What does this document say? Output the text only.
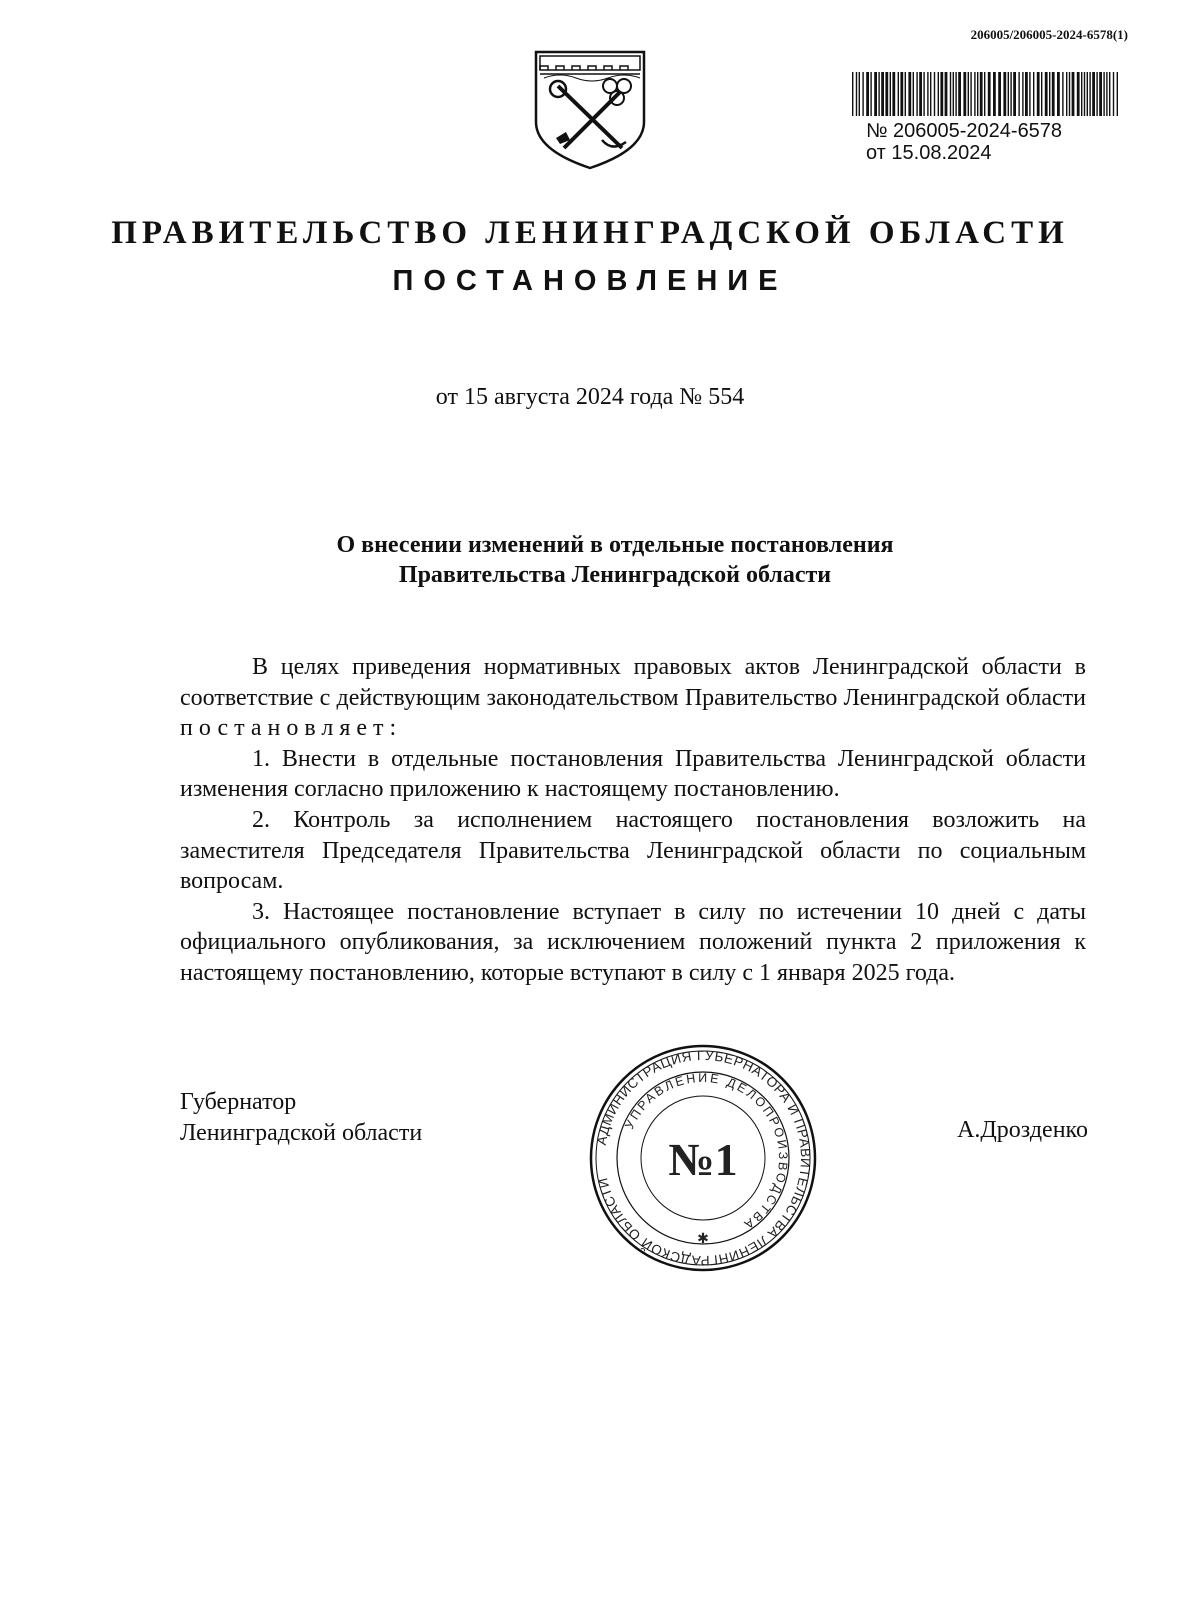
206005/206005-2024-6578(1)
№ 206005-2024-6578
от 15.08.2024
ПРАВИТЕЛЬСТВО ЛЕНИНГРАДСКОЙ ОБЛАСТИ
ПОСТАНОВЛЕНИЕ
от 15 августа 2024 года № 554
О внесении изменений в отдельные постановления
Правительства Ленинградской области

В целях приведения нормативных правовых актов Ленинградской области в соответствие с действующим законодательством Правительство Ленинградской области постановляет:

1. Внести в отдельные постановления Правительства Ленинградской области изменения согласно приложению к настоящему постановлению.

2. Контроль за исполнением настоящего постановления возложить на заместителя Председателя Правительства Ленинградской области по социальным вопросам.

3. Настоящее постановление вступает в силу по истечении 10 дней с даты официального опубликования, за исключением положений пункта 2 приложения к настоящему постановлению, которые вступают в силу с 1 января 2025 года.

Губернатор
Ленинградской области	АДМИНИСТРАЦИЯ ГУБЕРНАТОРА И ПРАВИТЕЛЬСТВА ЛЕНИНГРАДСКОЙ ОБЛАСТИ
УПРАВЛЕНИЕ ДЕЛОПРОИЗВОДСТВА
№1
✱
А.Дрозденко
